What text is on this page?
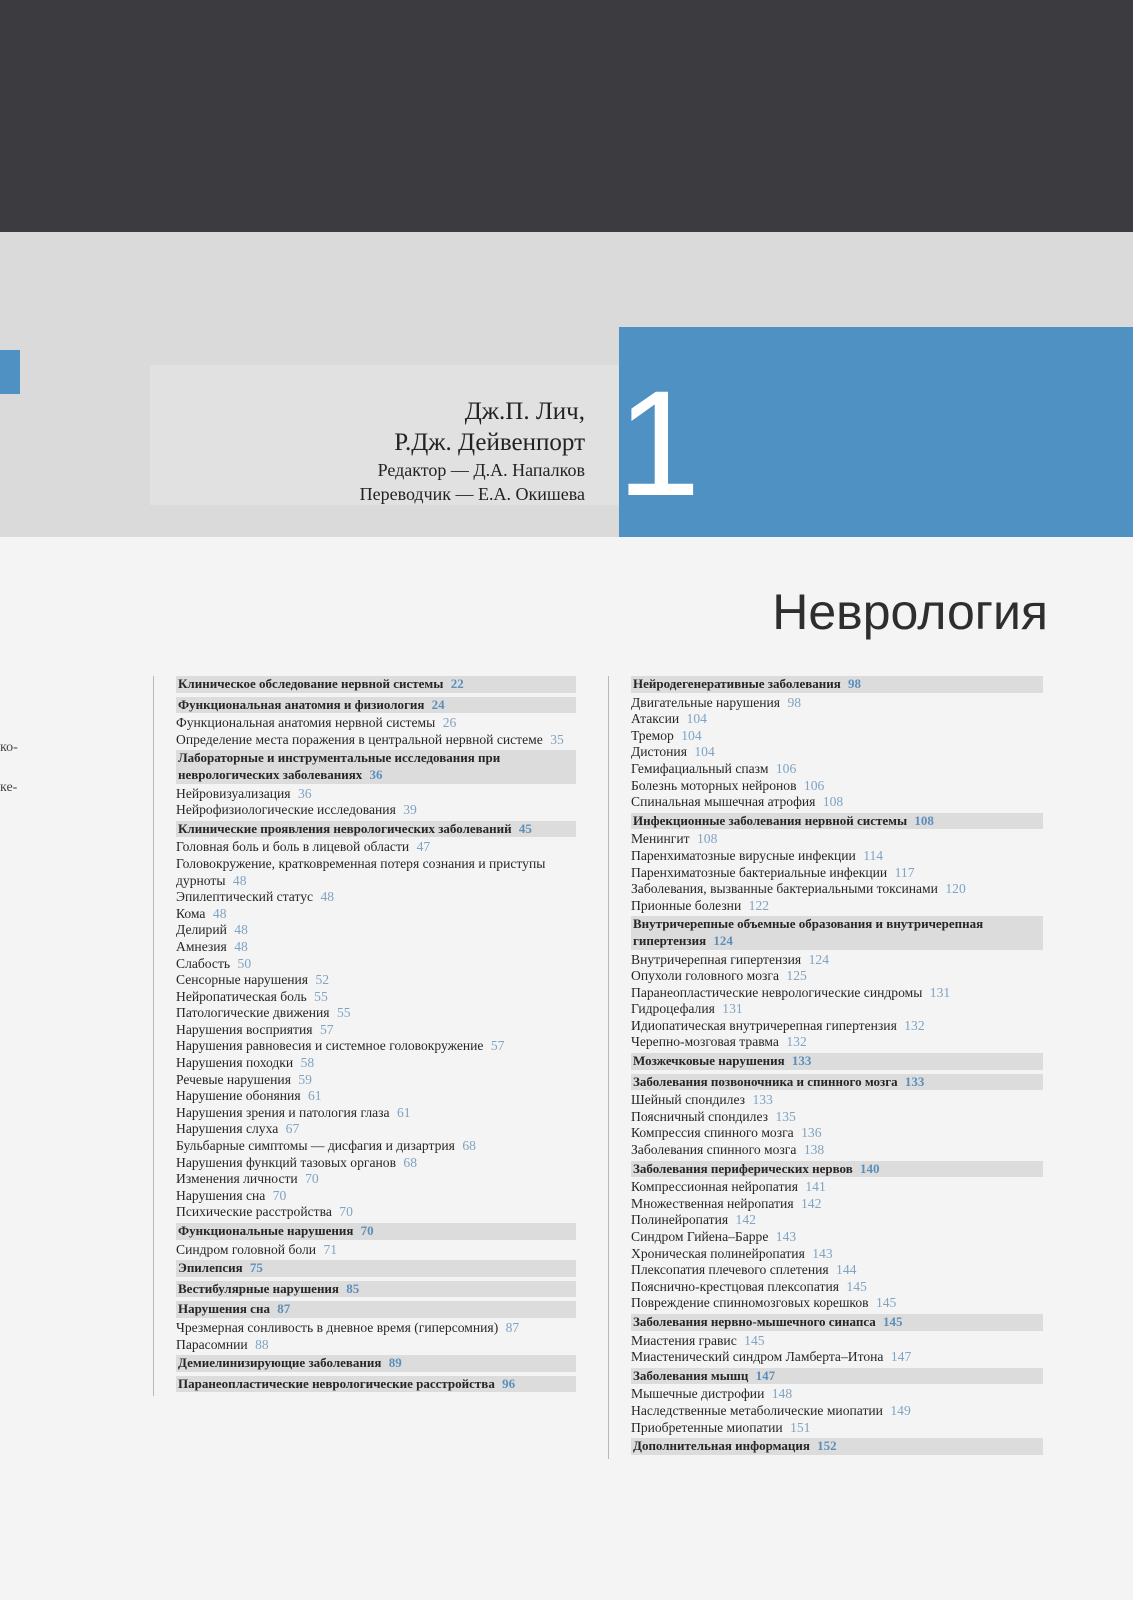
ко-
ке-
Дж.П. Лич,
Р.Дж. Дейвенпорт
Редактор — Д.А. Напалков
Переводчик — Е.А. Окишева 1
Неврология
Клиническое обследование нервной системы 22
Функциональная анатомия и физиология 24
Функциональная анатомия нервной системы 26
Определение места поражения в центральной нервной системе 35
Лабораторные и инструментальные исследования при неврологических заболеваниях 36
Нейровизуализация 36
Нейрофизиологические исследования 39
Клинические проявления неврологических заболеваний 45
Головная боль и боль в лицевой области 47
Головокружение, кратковременная потеря сознания и приступы дурноты 48
Эпилептический статус 48
Кома 48
Делирий 48
Амнезия 48
Слабость 50
Сенсорные нарушения 52
Нейропатическая боль 55
Патологические движения 55
Нарушения восприятия 57
Нарушения равновесия и системное головокружение 57
Нарушения походки 58
Речевые нарушения 59
Нарушение обоняния 61
Нарушения зрения и патология глаза 61
Нарушения слуха 67
Бульбарные симптомы — дисфагия и дизартрия 68
Нарушения функций тазовых органов 68
Изменения личности 70
Нарушения сна 70
Психические расстройства 70
Функциональные нарушения 70
Синдром головной боли 71
Эпилепсия 75
Вестибулярные нарушения 85
Нарушения сна 87
Чрезмерная сонливость в дневное время (гиперсомния) 87
Парасомнии 88
Демиелинизирующие заболевания 89
Паранеопластические неврологические расстройства 96
Нейродегенеративные заболевания 98
Двигательные нарушения 98
Атаксии 104
Тремор 104
Дистония 104
Гемифациальный спазм 106
Болезнь моторных нейронов 106
Спинальная мышечная атрофия 108
Инфекционные заболевания нервной системы 108
Менингит 108
Паренхиматозные вирусные инфекции 114
Паренхиматозные бактериальные инфекции 117
Заболевания, вызванные бактериальными токсинами 120
Прионные болезни 122
Внутричерепные объемные образования и внутричерепная гипертензия 124
Внутричерепная гипертензия 124
Опухоли головного мозга 125
Паранеопластические неврологические синдромы 131
Гидроцефалия 131
Идиопатическая внутричерепная гипертензия 132
Черепно-мозговая травма 132
Мозжечковые нарушения 133
Заболевания позвоночника и спинного мозга 133
Шейный спондилез 133
Поясничный спондилез 135
Компрессия спинного мозга 136
Заболевания спинного мозга 138
Заболевания периферических нервов 140
Компрессионная нейропатия 141
Множественная нейропатия 142
Полинейропатия 142
Синдром Гийена–Барре 143
Хроническая полинейропатия 143
Плексопатия плечевого сплетения 144
Пояснично-крестцовая плексопатия 145
Повреждение спинномозговых корешков 145
Заболевания нервно-мышечного синапса 145
Миастения гравис 145
Миастенический синдром Ламберта–Итона 147
Заболевания мышц 147
Мышечные дистрофии 148
Наследственные метаболические миопатии 149
Приобретенные миопатии 151
Дополнительная информация 152
